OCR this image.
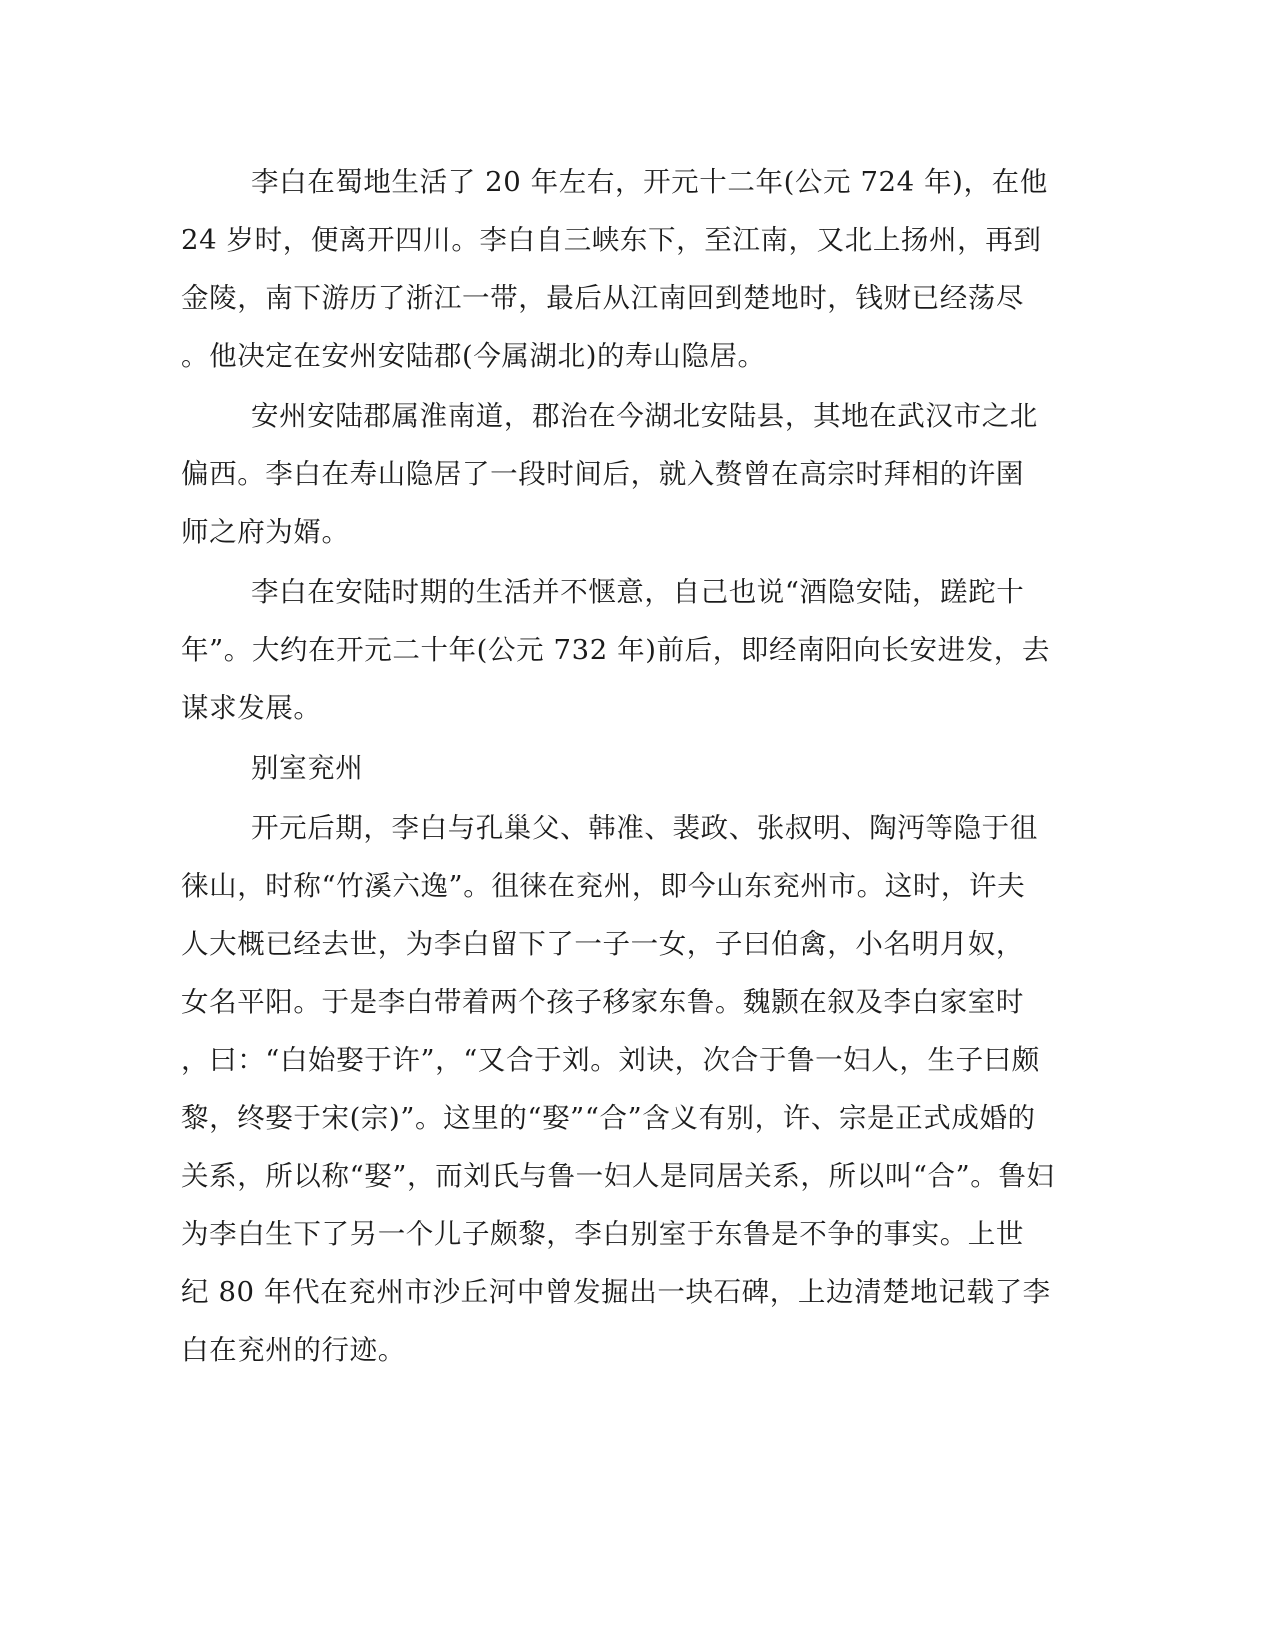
李白在蜀地生活了 20 年左右，开元十二年(公元 724 年)，在他

24 岁时，便离开四川。李白自三峡东下，至江南，又北上扬州，再到

金陵，南下游历了浙江一带，最后从江南回到楚地时，钱财已经荡尽

。他决定在安州安陆郡(今属湖北)的寿山隐居。

安州安陆郡属淮南道，郡治在今湖北安陆县，其地在武汉市之北

偏西。李白在寿山隐居了一段时间后，就入赘曾在高宗时拜相的许圉

师之府为婿。

李白在安陆时期的生活并不惬意，自己也说“酒隐安陆，蹉跎十

年”。大约在开元二十年(公元 732 年)前后，即经南阳向长安进发，去

谋求发展。

别室兖州

开元后期，李白与孔巢父、韩准、裴政、张叔明、陶沔等隐于徂

徕山，时称“竹溪六逸”。徂徕在兖州，即今山东兖州市。这时，许夫

人大概已经去世，为李白留下了一子一女，子曰伯禽，小名明月奴，

女名平阳。于是李白带着两个孩子移家东鲁。魏颢在叙及李白家室时

，曰：“白始娶于许”，“又合于刘。刘诀，次合于鲁一妇人，生子曰颇

黎，终娶于宋(宗)”。这里的“娶”“合”含义有别，许、宗是正式成婚的

关系，所以称“娶”，而刘氏与鲁一妇人是同居关系，所以叫“合”。鲁妇

为李白生下了另一个儿子颇黎，李白别室于东鲁是不争的事实。上世

纪 80 年代在兖州市沙丘河中曾发掘出一块石碑，上边清楚地记载了李

白在兖州的行迹。
